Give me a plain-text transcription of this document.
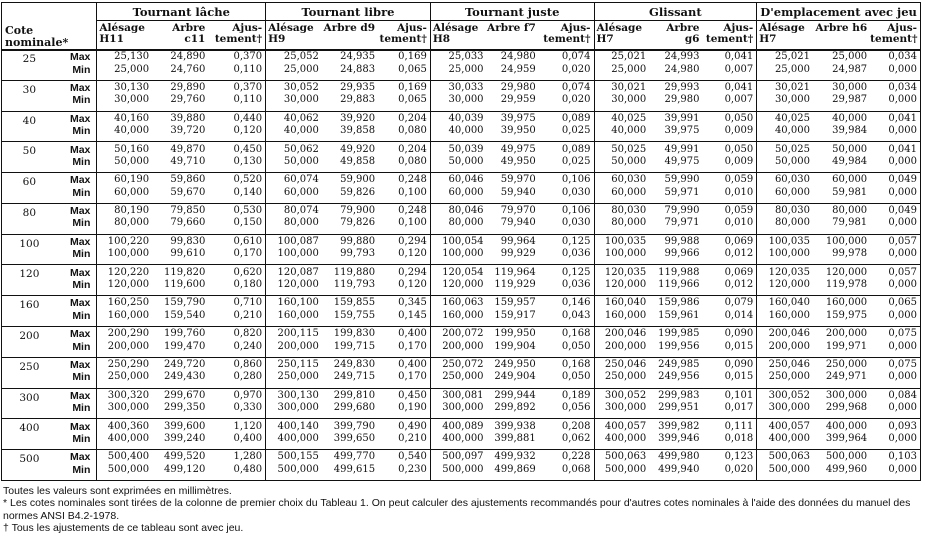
Cote nominale*		Tournant lâche			Tournant libre			Tournant juste			Glissant			D'emplacement avec jeu		
		Alésage H11	Arbre c11	Ajus-tement†	Alésage H9	Arbre d9	Ajus-tement†	Alésage H8	Arbre f7	Ajus-tement†	Alésage H7	Arbre g6	Ajus-tement†	Alésage H7	Arbre h6	Ajus-tement†
25	Max	25,130	24,890	0,370	25,052	24,935	0,169	25,033	24,980	0,074	25,021	24,993	0,041	25,021	25,000	0,034
	Min	25,000	24,760	0,110	25,000	24,883	0,065	25,000	24,959	0,020	25,000	24,980	0,007	25,000	24,987	0,000

30	Max	30,130	29,890	0,370	30,052	29,935	0,169	30,033	29,980	0,074	30,021	29,993	0,041	30,021	30,000	0,034
	Min	30,000	29,760	0,110	30,000	29,883	0,065	30,000	29,959	0,020	30,000	29,980	0,007	30,000	29,987	0,000

40	Max	40,160	39,880	0,440	40,062	39,920	0,204	40,039	39,975	0,089	40,025	39,991	0,050	40,025	40,000	0,041
	Min	40,000	39,720	0,120	40,000	39,858	0,080	40,000	39,950	0,025	40,000	39,975	0,009	40,000	39,984	0,000

50	Max	50,160	49,870	0,450	50,062	49,920	0,204	50,039	49,975	0,089	50,025	49,991	0,050	50,025	50,000	0,041
	Min	50,000	49,710	0,130	50,000	49,858	0,080	50,000	49,950	0,025	50,000	49,975	0,009	50,000	49,984	0,000

60	Max	60,190	59,860	0,520	60,074	59,900	0,248	60,046	59,970	0,106	60,030	59,990	0,059	60,030	60,000	0,049
	Min	60,000	59,670	0,140	60,000	59,826	0,100	60,000	59,940	0,030	60,000	59,971	0,010	60,000	59,981	0,000

80	Max	80,190	79,850	0,530	80,074	79,900	0,248	80,046	79,970	0,106	80,030	79,990	0,059	80,030	80,000	0,049
	Min	80,000	79,660	0,150	80,000	79,826	0,100	80,000	79,940	0,030	80,000	79,971	0,010	80,000	79,981	0,000

100	Max	100,220	99,830	0,610	100,087	99,880	0,294	100,054	99,964	0,125	100,035	99,988	0,069	100,035	100,000	0,057
	Min	100,000	99,610	0,170	100,000	99,793	0,120	100,000	99,929	0,036	100,000	99,966	0,012	100,000	99,978	0,000

120	Max	120,220	119,820	0,620	120,087	119,880	0,294	120,054	119,964	0,125	120,035	119,988	0,069	120,035	120,000	0,057
	Min	120,000	119,600	0,180	120,000	119,793	0,120	120,000	119,929	0,036	120,000	119,966	0,012	120,000	119,978	0,000

160	Max	160,250	159,790	0,710	160,100	159,855	0,345	160,063	159,957	0,146	160,040	159,986	0,079	160,040	160,000	0,065
	Min	160,000	159,540	0,210	160,000	159,755	0,145	160,000	159,917	0,043	160,000	159,961	0,014	160,000	159,975	0,000

200	Max	200,290	199,760	0,820	200,115	199,830	0,400	200,072	199,950	0,168	200,046	199,985	0,090	200,046	200,000	0,075
	Min	200,000	199,470	0,240	200,000	199,715	0,170	200,000	199,904	0,050	200,000	199,956	0,015	200,000	199,971	0,000

250	Max	250,290	249,720	0,860	250,115	249,830	0,400	250,072	249,950	0,168	250,046	249,985	0,090	250,046	250,000	0,075
	Min	250,000	249,430	0,280	250,000	249,715	0,170	250,000	249,904	0,050	250,000	249,956	0,015	250,000	249,971	0,000

300	Max	300,320	299,670	0,970	300,130	299,810	0,450	300,081	299,944	0,189	300,052	299,983	0,101	300,052	300,000	0,084
	Min	300,000	299,350	0,330	300,000	299,680	0,190	300,000	299,892	0,056	300,000	299,951	0,017	300,000	299,968	0,000

400	Max	400,360	399,600	1,120	400,140	399,790	0,490	400,089	399,938	0,208	400,057	399,982	0,111	400,057	400,000	0,093
	Min	400,000	399,240	0,400	400,000	399,650	0,210	400,000	399,881	0,062	400,000	399,946	0,018	400,000	399,964	0,000

500	Max	500,400	499,520	1,280	500,155	499,770	0,540	500,097	499,932	0,228	500,063	499,980	0,123	500,063	500,000	0,103
	Min	500,000	499,120	0,480	500,000	499,615	0,230	500,000	499,869	0,068	500,000	499,940	0,020	500,000	499,960	0,000

Toutes les valeurs sont exprimées en millimètres.
* Les cotes nominales sont tirées de la colonne de premier choix du Tableau 1. On peut calculer des ajustements recommandés pour d'autres cotes nominales à l'aide des données du manuel des normes ANSI B4.2-1978.
† Tous les ajustements de ce tableau sont avec jeu.
